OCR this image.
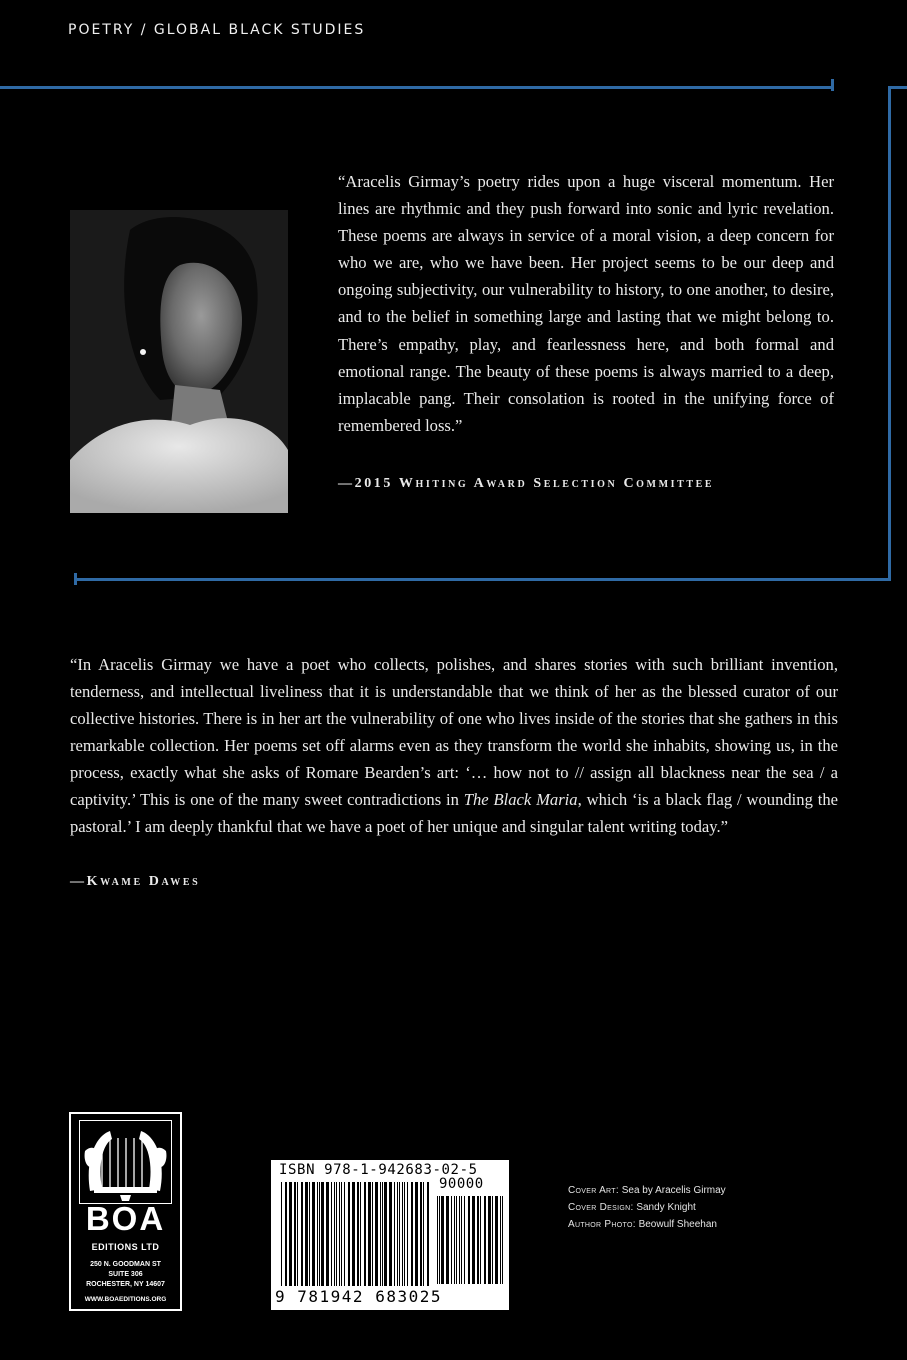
POETRY / GLOBAL BLACK STUDIES
“Aracelis Girmay’s poetry rides upon a huge visceral momentum. Her lines are rhythmic and they push forward into sonic and lyric revelation. These poems are always in service of a moral vision, a deep concern for who we are, who we have been. Her project seems to be our deep and ongoing subjectivity, our vulnerability to history, to one another, to desire, and to the belief in something large and lasting that we might belong to. There’s empathy, play, and fearlessness here, and both formal and emotional range. The beauty of these poems is always married to a deep, implacable pang. Their consolation is rooted in the unifying force of remembered loss.”
—2015 Whiting Award Selection Committee
“In Aracelis Girmay we have a poet who collects, polishes, and shares stories with such brilliant invention, tenderness, and intellectual liveliness that it is understandable that we think of her as the blessed curator of our collective histories. There is in her art the vulnerability of one who lives inside of the stories that she gathers in this remarkable collection. Her poems set off alarms even as they transform the world she inhabits, showing us, in the process, exactly what she asks of Romare Bearden’s art: ‘… how not to // assign all blackness near the sea / a captivity.’ This is one of the many sweet contradictions in The Black Maria, which ‘is a black flag / wounding the pastoral.’ I am deeply thankful that we have a poet of her unique and singular talent writing today.”
—Kwame Dawes
BOA
EDITIONS LTD
250 N. GOODMAN ST
SUITE 306
ROCHESTER, NY 14607
WWW.BOAEDITIONS.ORG
ISBN 978-1-942683-02-5
90000
9 781942 683025
Cover Art: Sea by Aracelis Girmay
Cover Design: Sandy Knight
Author Photo: Beowulf Sheehan
